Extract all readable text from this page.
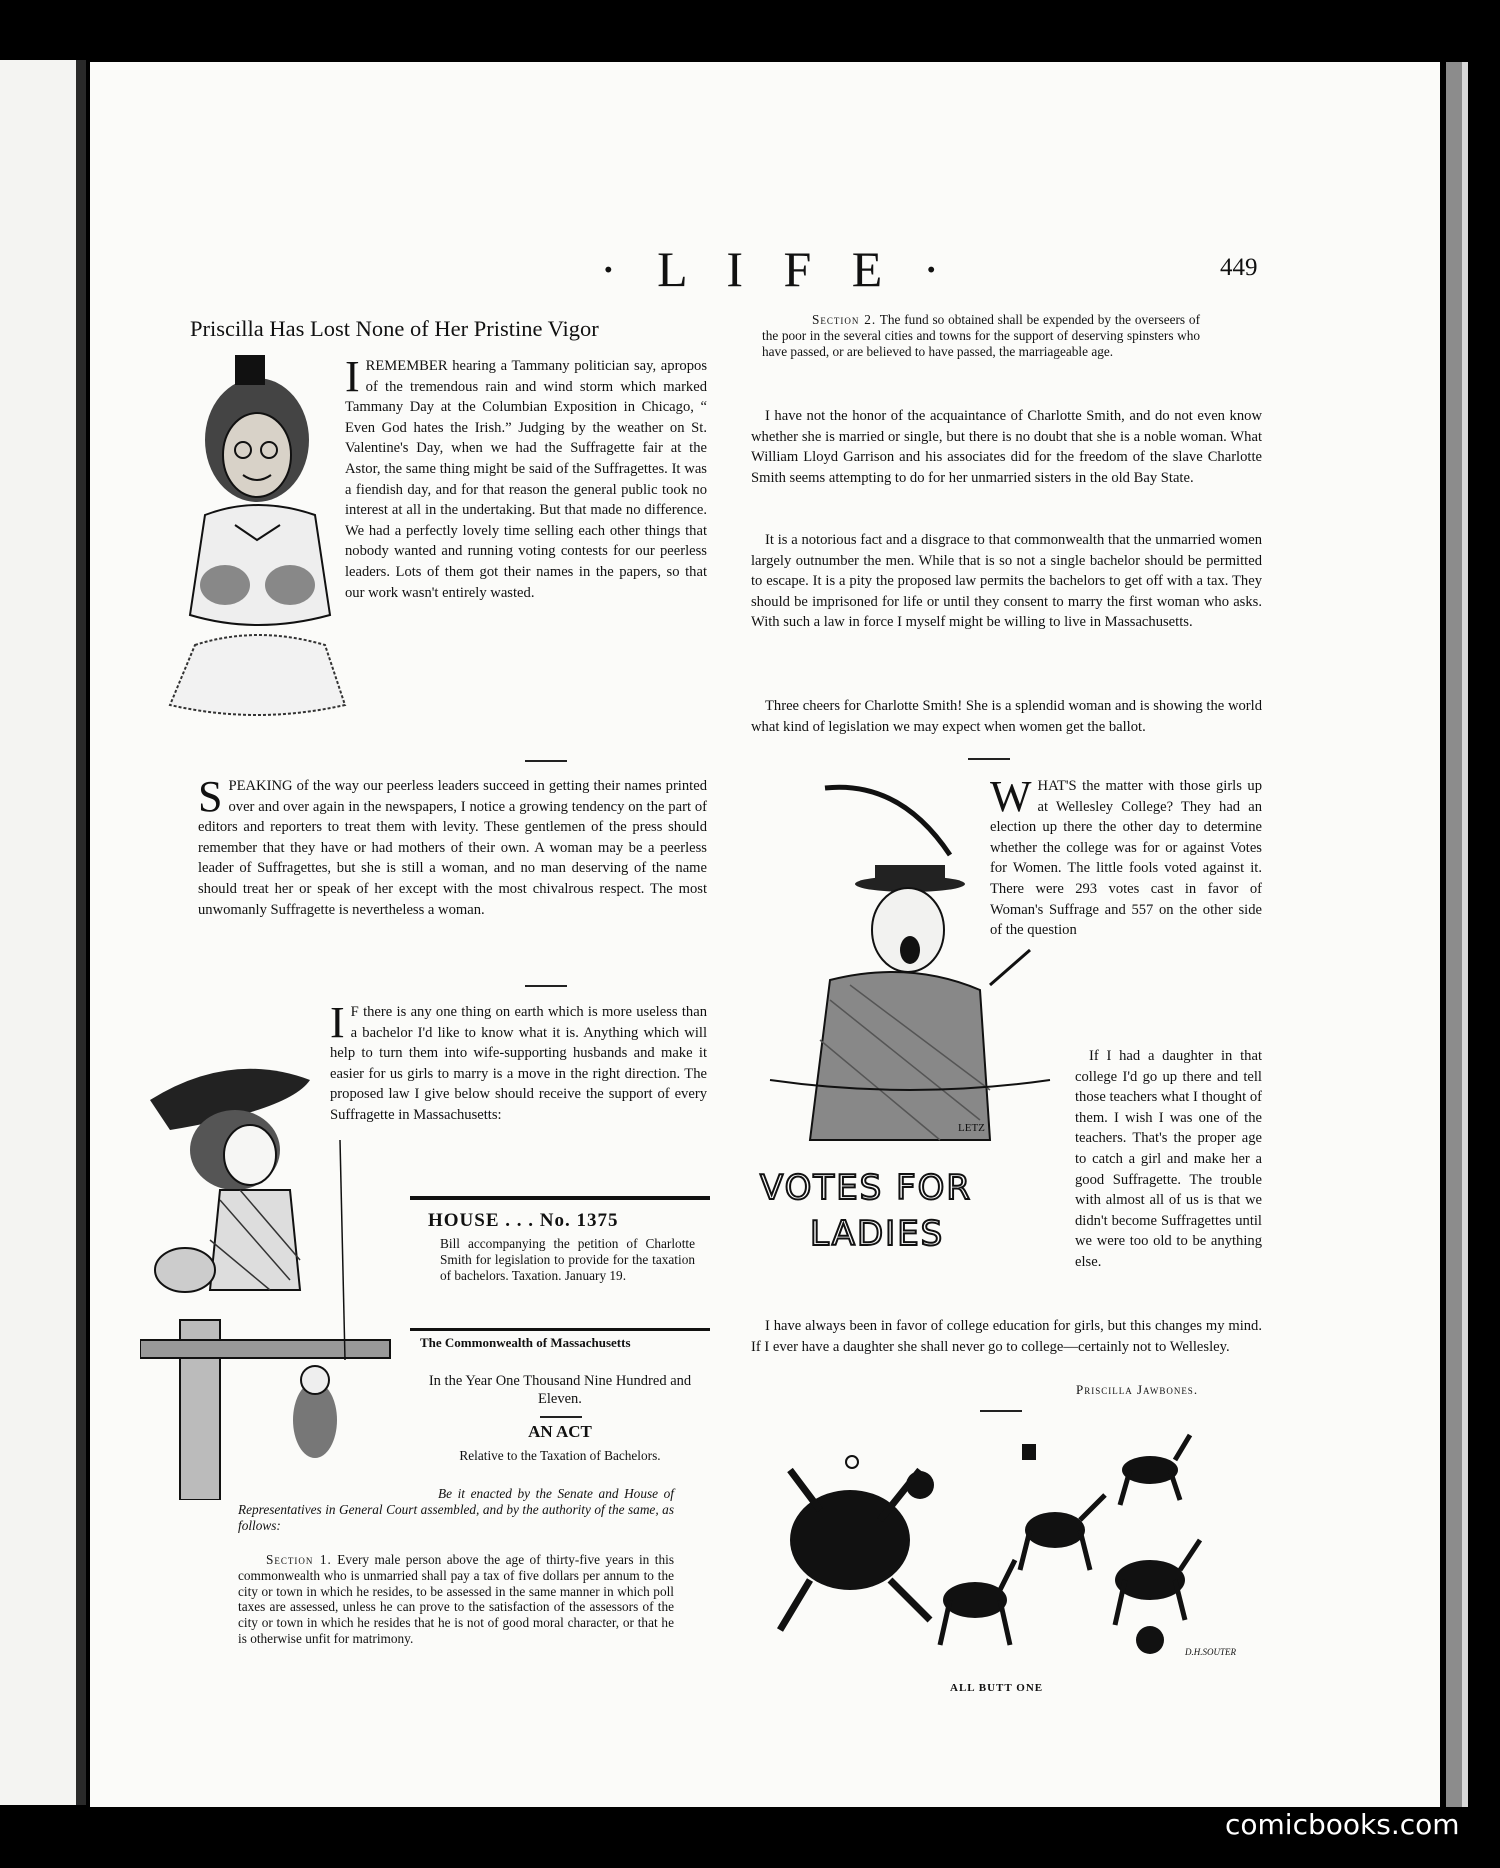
· L I F E ·	449
Priscilla Has Lost None of Her Pristine Vigor
IREMEMBER hearing a Tammany politician say, apropos of the tremendous rain and wind storm which marked Tammany Day at the Columbian Exposition in Chicago, “ Even God hates the Irish.” Judging by the weather on St. Valentine's Day, when we had the Suffragette fair at the Astor, the same thing might be said of the Suffragettes. It was a fiendish day, and for that reason the general public took no interest at all in the undertaking. But that made no difference. We had a perfectly lovely time selling each other things that nobody wanted and running voting contests for our peerless leaders. Lots of them got their names in the papers, so that our work wasn't entirely wasted.
SPEAKING of the way our peerless leaders succeed in getting their names printed over and over again in the newspapers, I notice a growing tendency on the part of editors and reporters to treat them with levity. These gentlemen of the press should remember that they have or had mothers of their own. A woman may be a peerless leader of Suffragettes, but she is still a woman, and no man deserving of the name should treat her or speak of her except with the most chivalrous respect. The most unwomanly Suffragette is nevertheless a woman.
I F there is any one thing on earth which is more useless than a bachelor I'd like to know what it is. Anything which will help to turn them into wife-supporting husbands and make it easier for us girls to marry is a move in the right direction. The proposed law I give below should receive the support of every Suffragette in Massachusetts:
HOUSE . . . No. 1375
Bill accompanying the petition of Charlotte Smith for legislation to provide for the taxation of bachelors. Taxation. January 19.
The Commonwealth of Massachusetts
In the Year One Thousand Nine Hundred and Eleven.
AN ACT
Relative to the Taxation of Bachelors.
Be it enacted by the Senate and House of Representatives in General Court assembled, and by the authority of the same, as follows:
Section 1. Every male person above the age of thirty-five years in this commonwealth who is unmarried shall pay a tax of five dollars per annum to the city or town in which he resides, to be assessed in the same manner in which poll taxes are assessed, unless he can prove to the satisfaction of the assessors of the city or town in which he resides that he is not of good moral character, or that he is otherwise unfit for matrimony.
Section 2. The fund so obtained shall be expended by the overseers of the poor in the several cities and towns for the support of deserving spinsters who have passed, or are believed to have passed, the marriageable age.
I have not the honor of the acquaintance of Charlotte Smith, and do not even know whether she is married or single, but there is no doubt that she is a noble woman. What William Lloyd Garrison and his associates did for the freedom of the slave Charlotte Smith seems attempting to do for her unmarried sisters in the old Bay State.
It is a notorious fact and a disgrace to that commonwealth that the unmarried women largely outnumber the men. While that is so not a single bachelor should be permitted to escape. It is a pity the proposed law permits the bachelors to get off with a tax. They should be imprisoned for life or until they consent to marry the first woman who asks. With such a law in force I myself might be willing to live in Massachusetts.
Three cheers for Charlotte Smith! She is a splendid woman and is showing the world what kind of legislation we may expect when women get the ballot.
LETZ
VOTES FOR
LADIES
WHAT'S the matter with those girls up at Wellesley College? They had an election up there the other day to determine whether the college was for or against Votes for Women. The little fools voted against it. There were 293 votes cast in favor of Woman's Suffrage and 557 on the other side of the question
If I had a daughter in that college I'd go up there and tell those teachers what I thought of them. I wish I was one of the teachers. That's the proper age to catch a girl and make her a good Suffragette. The trouble with almost all of us is that we didn't become Suffragettes until we were too old to be anything else.
I have always been in favor of college education for girls, but this changes my mind. If I ever have a daughter she shall never go to college—certainly not to Wellesley.
Priscilla Jawbones.
D.H.SOUTER
ALL BUTT ONE
comicbooks.com
